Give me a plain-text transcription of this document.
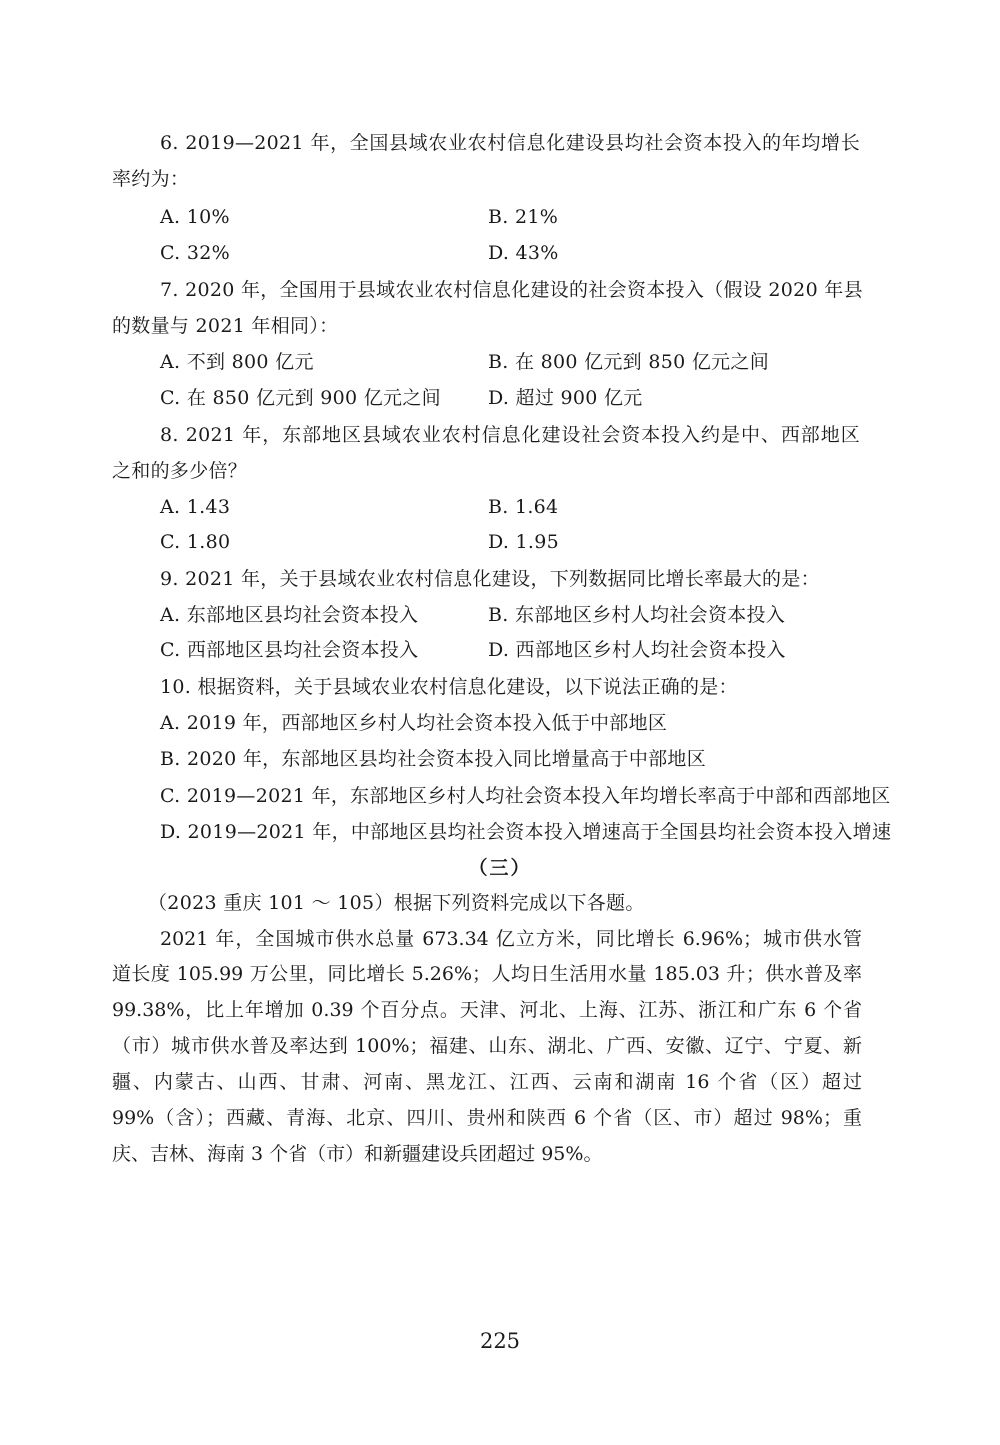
6. 2019—2021 年，全国县域农业农村信息化建设县均社会资本投入的年均增长
率约为：
A. 10%	B. 21%
C. 32%	D. 43%
7. 2020 年，全国用于县域农业农村信息化建设的社会资本投入（假设 2020 年县
的数量与 2021 年相同）：
A. 不到 800 亿元	B. 在 800 亿元到 850 亿元之间
C. 在 850 亿元到 900 亿元之间 D. 超过 900 亿元
8. 2021 年，东部地区县域农业农村信息化建设社会资本投入约是中、西部地区
之和的多少倍？
A. 1.43	B. 1.64
C. 1.80	D. 1.95
9. 2021 年，关于县域农业农村信息化建设，下列数据同比增长率最大的是：
A. 东部地区县均社会资本投入	B. 东部地区乡村人均社会资本投入
C. 西部地区县均社会资本投入	D. 西部地区乡村人均社会资本投入
10. 根据资料，关于县域农业农村信息化建设，以下说法正确的是：
A. 2019 年，西部地区乡村人均社会资本投入低于中部地区
B. 2020 年，东部地区县均社会资本投入同比增量高于中部地区
C. 2019—2021 年，东部地区乡村人均社会资本投入年均增长率高于中部和西部地区
D. 2019—2021 年，中部地区县均社会资本投入增速高于全国县均社会资本投入增速
（三）
（2023 重庆 101 ～ 105）根据下列资料完成以下各题。
2021 年，全国城市供水总量 673.34 亿立方米，同比增长 6.96%；城市供水管
道长度 105.99 万公里，同比增长 5.26%；人均日生活用水量 185.03 升；供水普及率
99.38%，比上年增加 0.39 个百分点。天津、河北、上海、江苏、浙江和广东 6 个省
（市）城市供水普及率达到 100%；福建、山东、湖北、广西、安徽、辽宁、宁夏、新
疆、内蒙古、山西、甘肃、河南、黑龙江、江西、云南和湖南 16 个省（区）超过
99%（含）；西藏、青海、北京、四川、贵州和陕西 6 个省（区、市）超过 98%；重
庆、吉林、海南 3 个省（市）和新疆建设兵团超过 95%。
225
